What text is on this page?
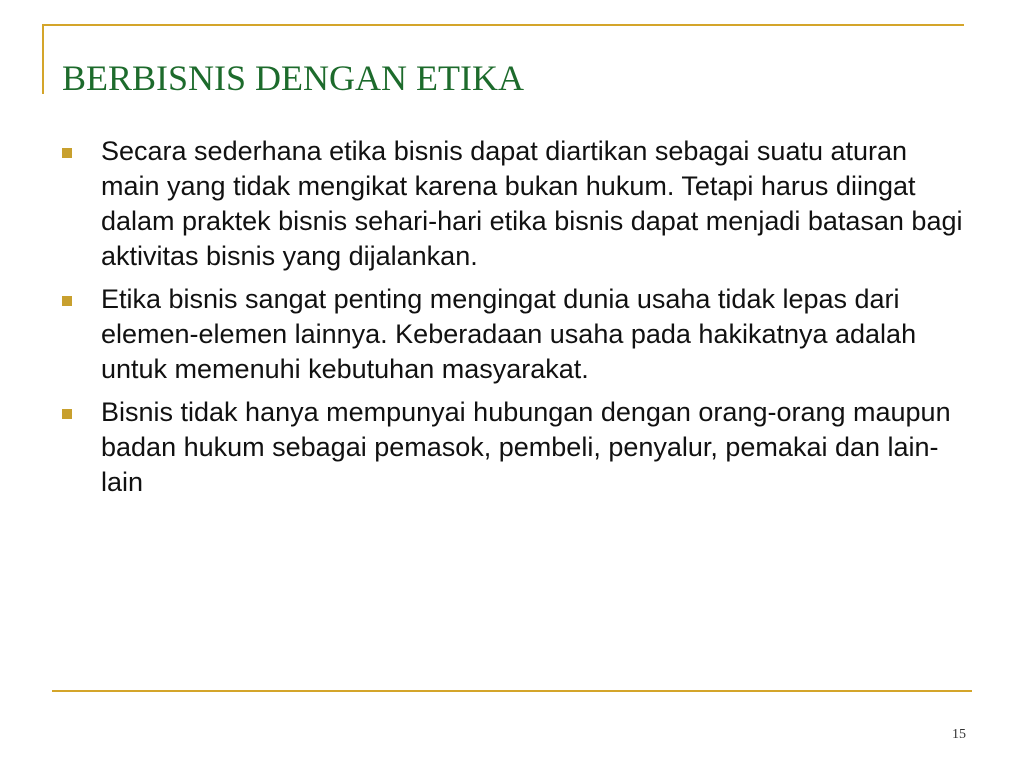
BERBISNIS DENGAN ETIKA
Secara sederhana etika bisnis dapat diartikan sebagai suatu aturan main yang tidak mengikat karena bukan hukum. Tetapi harus diingat dalam praktek bisnis sehari-hari etika bisnis dapat menjadi batasan bagi aktivitas bisnis yang dijalankan.
Etika bisnis sangat penting mengingat dunia usaha tidak lepas dari elemen-elemen lainnya. Keberadaan usaha pada hakikatnya adalah untuk memenuhi kebutuhan masyarakat.
Bisnis tidak hanya mempunyai hubungan dengan orang-orang maupun badan hukum sebagai pemasok, pembeli, penyalur, pemakai dan lain-lain
15
